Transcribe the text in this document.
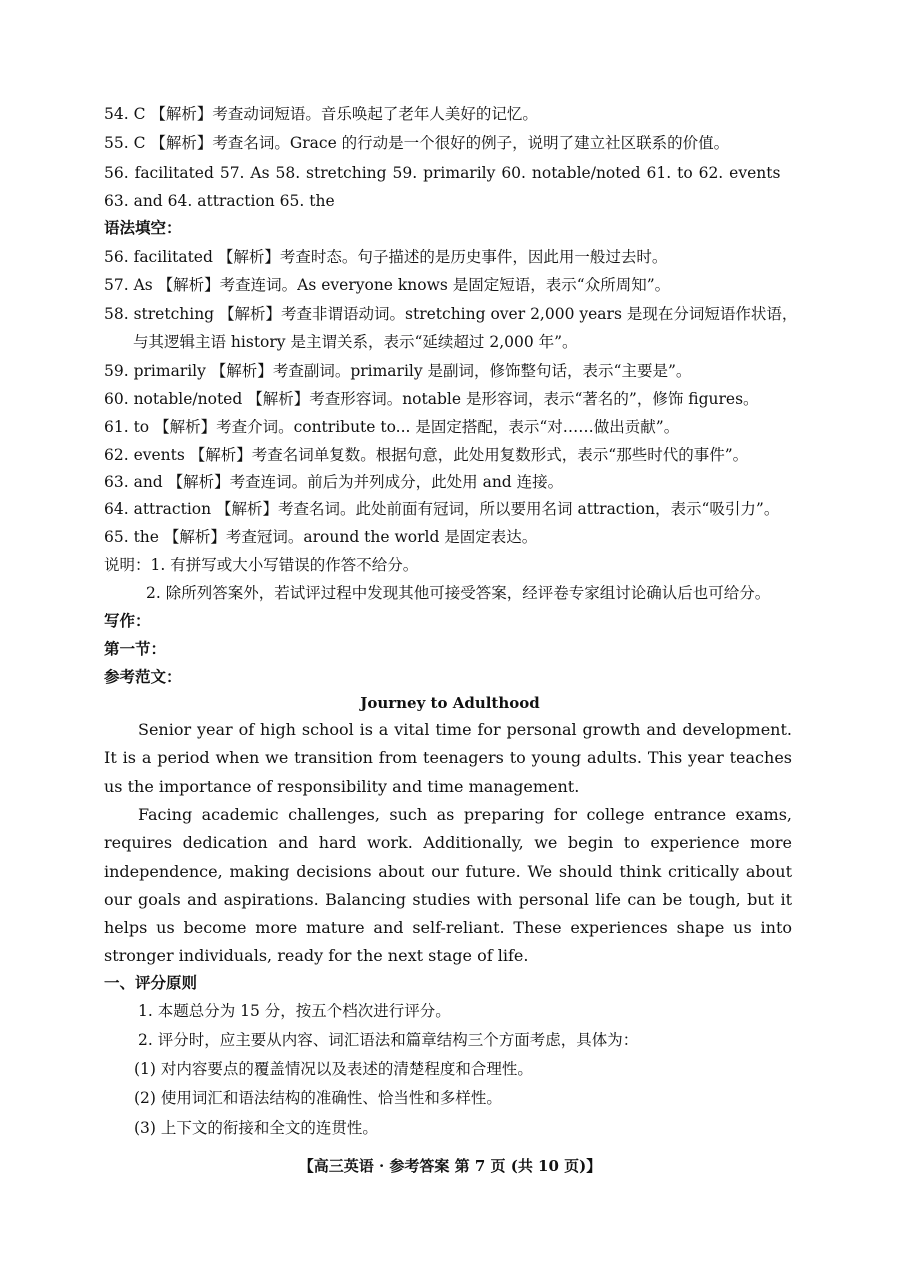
54. C 【解析】考查动词短语。音乐唤起了老年人美好的记忆。
55. C 【解析】考查名词。Grace 的行动是一个很好的例子，说明了建立社区联系的价值。
56. facilitated 57. As 58. stretching 59. primarily 60. notable/noted 61. to 62. events
63. and 64. attraction 65. the
语法填空：
56. facilitated 【解析】考查时态。句子描述的是历史事件，因此用一般过去时。
57. As 【解析】考查连词。As everyone knows 是固定短语，表示“众所周知”。
58. stretching 【解析】考查非谓语动词。stretching over 2,000 years 是现在分词短语作状语，
与其逻辑主语 history 是主谓关系，表示“延续超过 2,000 年”。
59. primarily 【解析】考查副词。primarily 是副词，修饰整句话，表示“主要是”。
60. notable/noted 【解析】考查形容词。notable 是形容词，表示“著名的”，修饰 figures。
61. to 【解析】考查介词。contribute to... 是固定搭配，表示“对……做出贡献”。
62. events 【解析】考查名词单复数。根据句意，此处用复数形式，表示“那些时代的事件”。
63. and 【解析】考查连词。前后为并列成分，此处用 and 连接。
64. attraction 【解析】考查名词。此处前面有冠词，所以要用名词 attraction，表示“吸引力”。
65. the 【解析】考查冠词。around the world 是固定表达。
说明：1. 有拼写或大小写错误的作答不给分。
2. 除所列答案外，若试评过程中发现其他可接受答案，经评卷专家组讨论确认后也可给分。
写作：
第一节：
参考范文：
Journey to Adulthood

Senior year of high school is a vital time for personal growth and development. It is a period when we transition from teenagers to young adults. This year teaches us the importance of responsibility and time management.

Facing academic challenges, such as preparing for college entrance exams, requires dedication and hard work. Additionally, we begin to experience more independence, making decisions about our future. We should think critically about our goals and aspirations. Balancing studies with personal life can be tough, but it helps us become more mature and self-reliant. These experiences shape us into stronger individuals, ready for the next stage of life.

一、评分原则
1. 本题总分为 15 分，按五个档次进行评分。
2. 评分时，应主要从内容、词汇语法和篇章结构三个方面考虑，具体为：
(1) 对内容要点的覆盖情况以及表述的清楚程度和合理性。
(2) 使用词汇和语法结构的准确性、恰当性和多样性。
(3) 上下文的衔接和全文的连贯性。
【高三英语 · 参考答案 第 7 页 (共 10 页)】
